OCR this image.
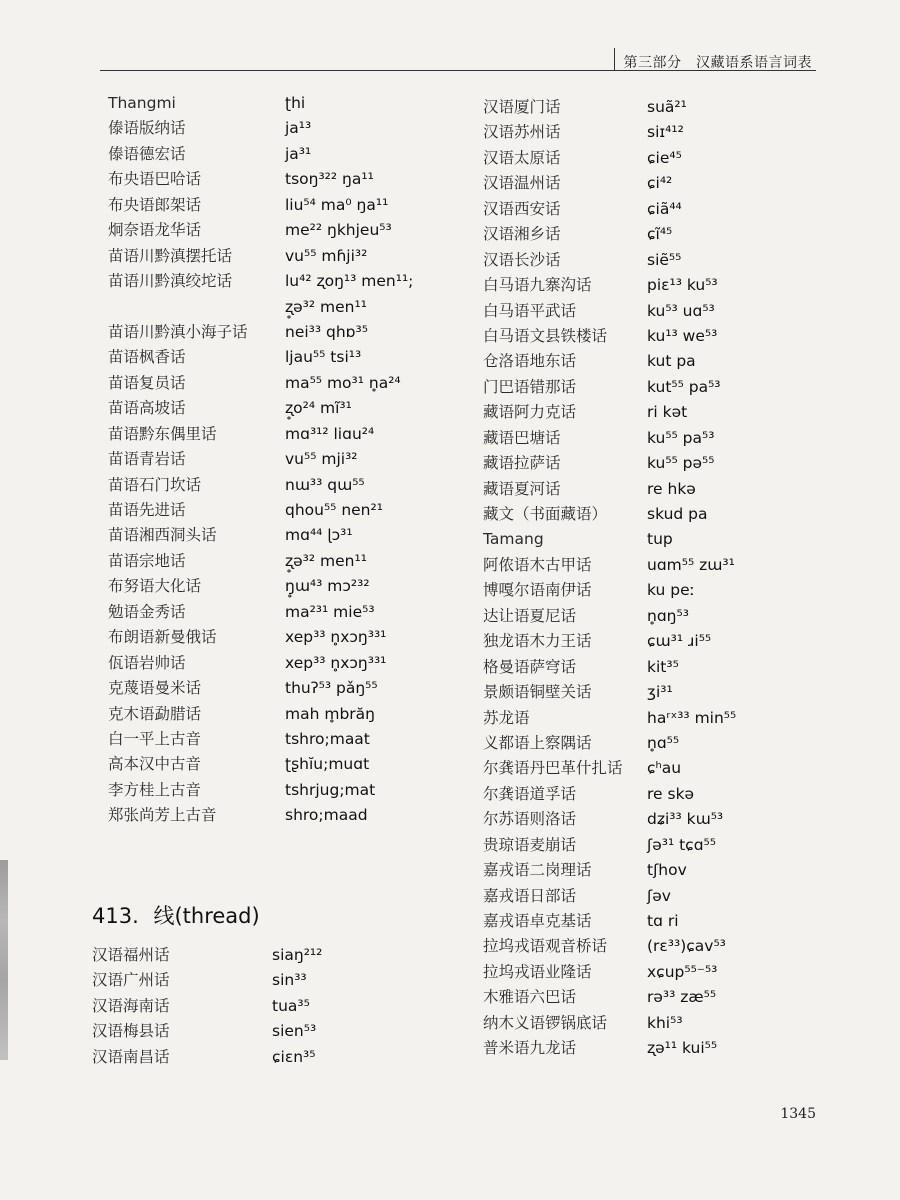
第三部分　汉藏语系语言词表
Thangmi	ʈhi
傣语版纳话	ja¹³
傣语德宏话	ja³¹
布央语巴哈话	tsoŋ³²² ŋa¹¹
布央语郎架话	liu⁵⁴ ma⁰ ŋa¹¹
炯奈语龙华话	me²² ŋkhjeu⁵³
苗语川黔滇摆托话	vu⁵⁵ mɦji³²
苗语川黔滇绞坨话	lu⁴² ʐoŋ¹³ men¹¹;
ʐ̥ə³² men¹¹
苗语川黔滇小海子话 nei³³ qhɒ³⁵
苗语枫香话	ljau⁵⁵ tsi¹³
苗语复员话	ma⁵⁵ mo³¹ n̥a²⁴
苗语高坡话	ʐ̥o²⁴ mĩ³¹
苗语黔东偶里话	mɑ³¹² liɑu²⁴
苗语青岩话	vu⁵⁵ mji³²
苗语石门坎话	nɯ³³ qɯ⁵⁵
苗语先进话	qhou⁵⁵ nen²¹
苗语湘西洞头话	mɑ⁴⁴ ɭɔ³¹
苗语宗地话	ʐ̥ə³² men¹¹
布努语大化话	ŋ̥ɯ⁴³ mɔ²³²
勉语金秀话	ma²³¹ mie⁵³
布朗语新曼俄话	xep³³ n̥xɔŋ³³¹
佤语岩帅话	xep³³ n̥xɔŋ³³¹
克蔑语曼米话	thuʔ⁵³ pǎŋ⁵⁵
克木语勐腊话	mah m̥brăŋ
白一平上古音	tshro;maat
高本汉中古音	ʈʂhĭu;muɑt
李方桂上古音	tshrjug;mat
郑张尚芳上古音	shro;maad
413. 线(thread)
汉语福州话	siaŋ²¹²
汉语广州话	sin³³
汉语海南话	tua³⁵
汉语梅县话	sien⁵³
汉语南昌话	ɕiɛn³⁵
汉语厦门话	suã²¹
汉语苏州话	siɪ⁴¹²
汉语太原话	ɕie⁴⁵
汉语温州话	ɕi⁴²
汉语西安话	ɕiã⁴⁴
汉语湘乡话	ɕĩ⁴⁵
汉语长沙话	siẽ⁵⁵
白马语九寨沟话	piɛ¹³ ku⁵³
白马语平武话	ku⁵³ uɑ⁵³
白马语文县铁楼话	ku¹³ we⁵³
仓洛语地东话	kut pa
门巴语错那话	kut⁵⁵ pa⁵³
藏语阿力克话	ri kət
藏语巴塘话	ku⁵⁵ pa⁵³
藏语拉萨话	ku⁵⁵ pə⁵⁵
藏语夏河话	re hkə
藏文（书面藏语）	skud pa
Tamang	tup
阿侬语木古甲话	uɑm⁵⁵ zɯ³¹
博嘎尔语南伊话	ku peː
达让语夏尼话	n̥ɑŋ⁵³
独龙语木力王话	ɕɯ³¹ ɹi⁵⁵
格曼语萨穹话	kit³⁵
景颇语铜壁关话	ʒi³¹
苏龙语	haʳˣ³³ min⁵⁵
义都语上察隅话	n̥ɑ⁵⁵
尔龚语丹巴革什扎话 ɕʰau
尔龚语道孚话	re skə
尔苏语则洛话	dʑi³³ kɯ⁵³
贵琼语麦崩话	ʃə³¹ tɕɑ⁵⁵
嘉戎语二岗理话	tʃhov
嘉戎语日部话	ʃəv
嘉戎语卓克基话	tɑ ri
拉坞戎语观音桥话	(rɛ³³)ɕav⁵³
拉坞戎语业隆话	xɕup⁵⁵⁻⁵³
木雅语六巴话	rə³³ zæ⁵⁵
纳木义语锣锅底话	khi⁵³
普米语九龙话	ʐə¹¹ kui⁵⁵
1345
